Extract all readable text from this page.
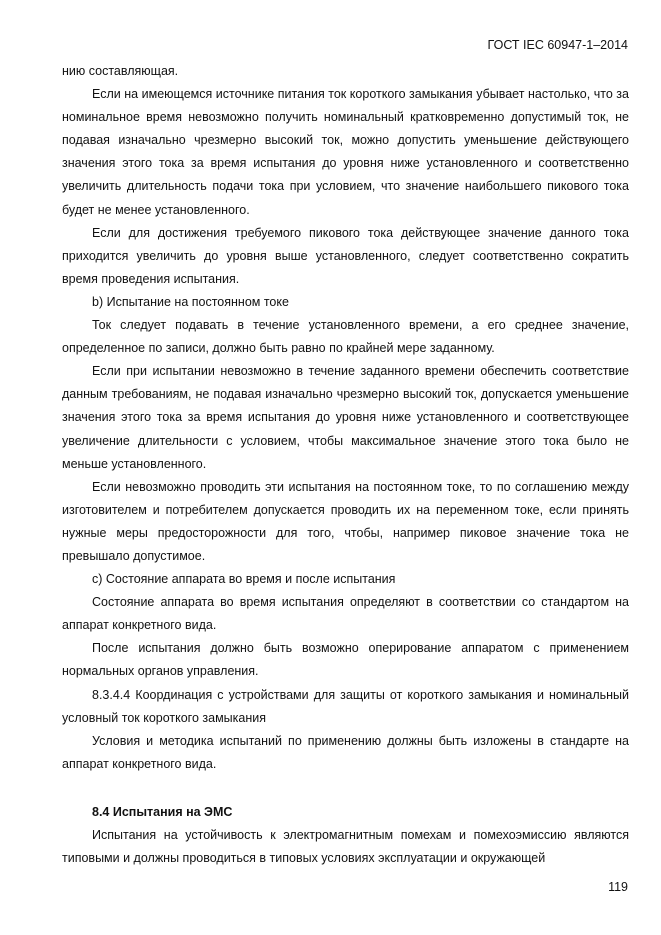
ГОСТ IEC 60947-1–2014

нию составляющая.

Если на имеющемся источнике питания ток короткого замыкания убывает настолько, что за номинальное время невозможно получить номинальный кратковременно допустимый ток, не подавая изначально чрезмерно высокий ток, можно допустить уменьшение действующего значения этого тока за время испытания до уровня ниже установленного и соответственно увеличить длительность подачи тока при условием, что значение наибольшего пикового тока будет не менее установленного.

Если для достижения требуемого пикового тока действующее значение данного тока приходится увеличить до уровня выше установленного, следует соответственно сократить время проведения испытания.

b) Испытание на постоянном токе

Ток следует подавать в течение установленного времени, а его среднее значение, определенное по записи, должно быть равно по крайней мере заданному.

Если при испытании невозможно в течение заданного времени обеспечить соответствие данным требованиям, не подавая изначально чрезмерно высокий ток, допускается уменьшение значения этого тока за время испытания до уровня ниже установленного и соответствующее увеличение длительности с условием, чтобы максимальное значение этого тока было не меньше установленного.

Если невозможно проводить эти испытания на постоянном токе, то по соглашению между изготовителем и потребителем допускается проводить их на переменном токе, если принять нужные меры предосторожности для того, чтобы, например пиковое значение тока не превышало допустимое.

c) Состояние аппарата во время и после испытания

Состояние аппарата во время испытания определяют в соответствии со стандартом на аппарат конкретного вида.

После испытания должно быть возможно оперирование аппаратом с применением нормальных органов управления.

8.3.4.4 Координация с устройствами для защиты от короткого замыкания и номинальный условный ток короткого замыкания

Условия и методика испытаний по применению должны быть изложены в стандарте на аппарат конкретного вида.

8.4 Испытания на ЭМС

Испытания на устойчивость к электромагнитным помехам и помехоэмиссию являются типовыми и должны проводиться в типовых условиях эксплуатации и окружающей

119
